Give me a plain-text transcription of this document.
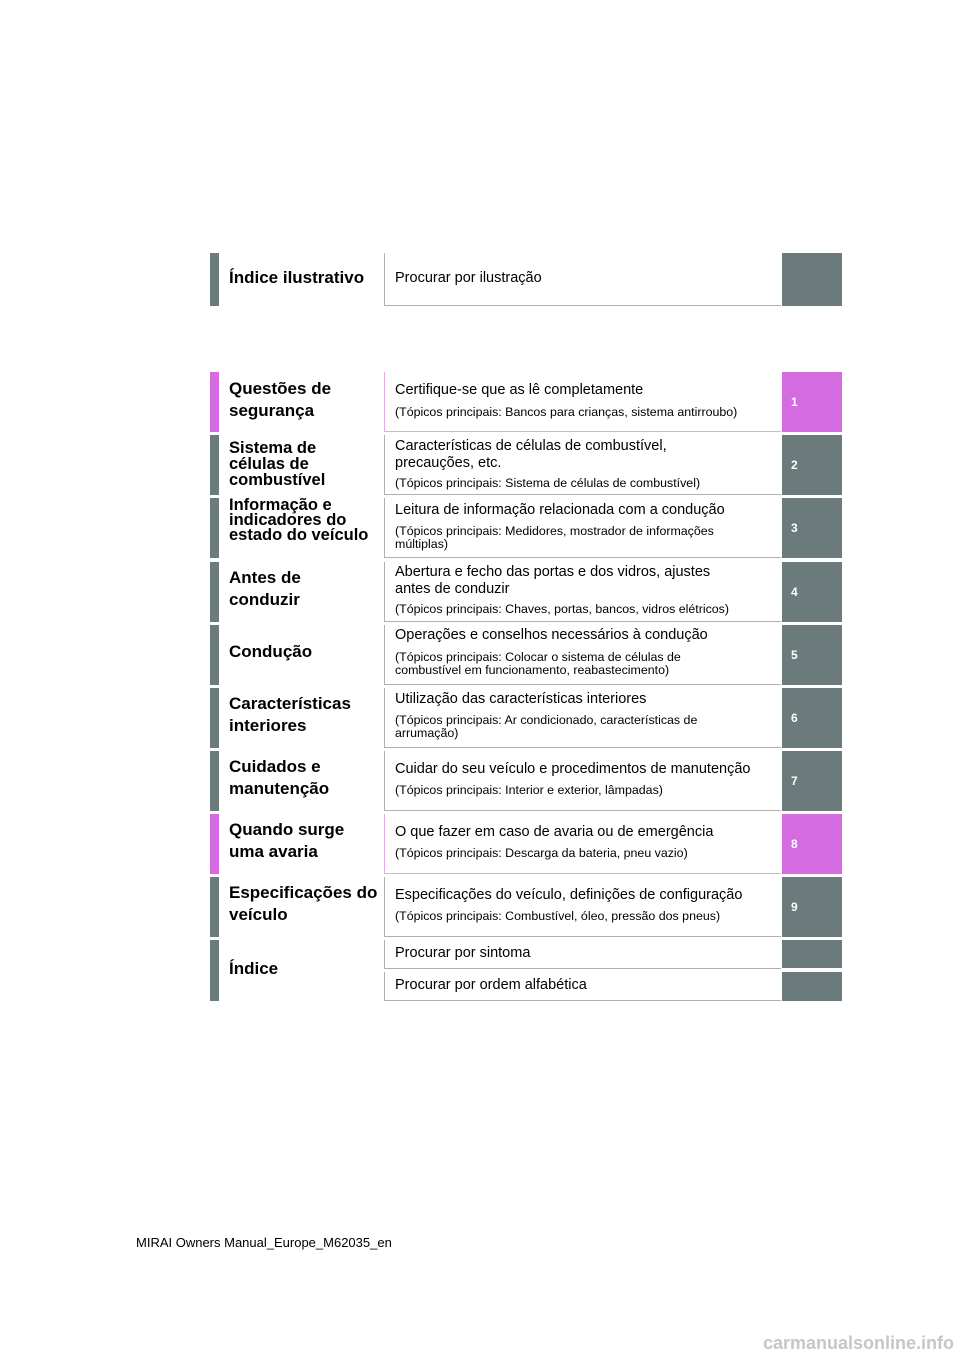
Índice ilustrativo	Procurar por ilustração
Questões de segurança
Certifique-se que as lê completamente
(Tópicos principais: Bancos para crianças, sistema antirroubo)
1
Sistema de células de combustível
Características de células de combustível, precauções, etc.
(Tópicos principais: Sistema de células de combustível)
2
Informação e indicadores do estado do veículo
Leitura de informação relacionada com a condução
(Tópicos principais: Medidores, mostrador de informações múltiplas)
3
Antes de conduzir
Abertura e fecho das portas e dos vidros, ajustes antes de conduzir
(Tópicos principais: Chaves, portas, bancos, vidros elétricos)
4
Condução
Operações e conselhos necessários à condução
(Tópicos principais: Colocar o sistema de células de combustível em funcionamento, reabastecimento)
5
Características interiores
Utilização das características interiores
(Tópicos principais: Ar condicionado, características de arrumação)
6
Cuidados e manutenção
Cuidar do seu veículo e procedimentos de manutenção
(Tópicos principais: Interior e exterior, lâmpadas)
7
Quando surge uma avaria
O que fazer em caso de avaria ou de emergência
(Tópicos principais: Descarga da bateria, pneu vazio)
8
Especificações do veículo
Especificações do veículo, definições de configuração
(Tópicos principais: Combustível, óleo, pressão dos pneus)
9
Índice
Procurar por sintoma
Procurar por ordem alfabética
MIRAI Owners Manual_Europe_M62035_en
carmanualsonline.info
